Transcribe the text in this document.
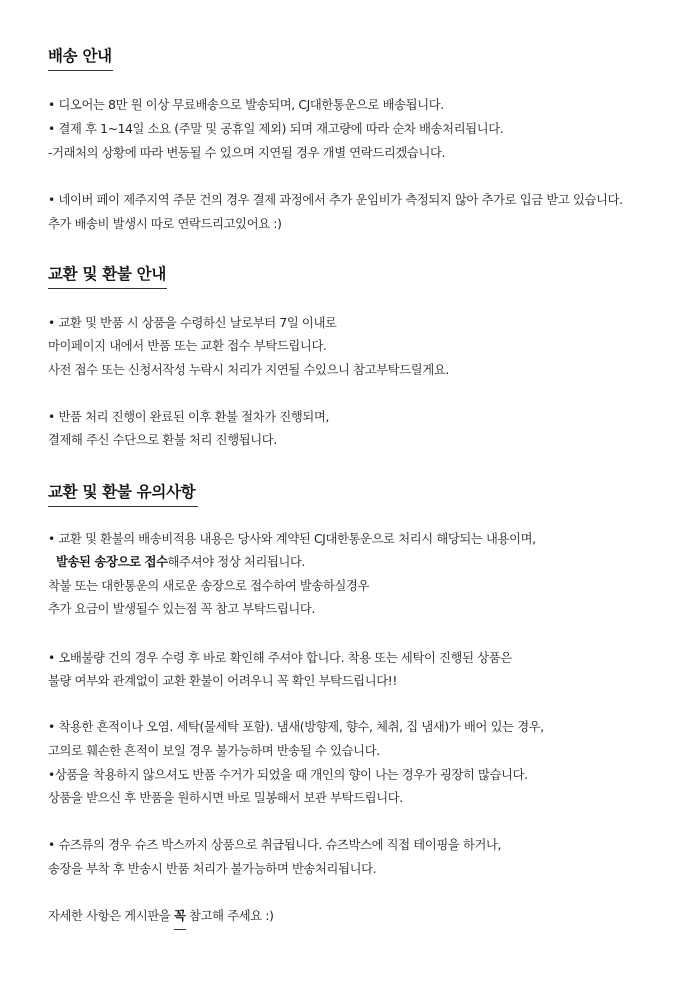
배송 안내
• 디오어는 8만 원 이상 무료배송으로 발송되며, CJ대한통운으로 배송됩니다.
• 결제 후 1~14일 소요 (주말 및 공휴일 제외) 되며 재고량에 따라 순차 배송처리됩니다.
-거래처의 상황에 따라 변동될 수 있으며 지연될 경우 개별 연락드리겠습니다.
• 네이버 페이 제주지역 주문 건의 경우 결제 과정에서 추가 운임비가 측정되지 않아 추가로 입금 받고 있습니다.
추가 배송비 발생시 따로 연락드리고있어요 :)
교환 및 환불 안내
• 교환 및 반품 시 상품을 수령하신 날로부터 7일 이내로
마이페이지 내에서 반품 또는 교환 접수 부탁드립니다.
사전 접수 또는 신청서작성 누락시 처리가 지연될 수있으니 참고부탁드릴게요.
• 반품 처리 진행이 완료된 이후 환불 절차가 진행되며,
결제해 주신 수단으로 환불 처리 진행됩니다.
교환 및 환불 유의사항
• 교환 및 환불의 배송비적용 내용은 당사와 계약된 CJ대한통운으로 처리시 해당되는 내용이며,
발송된 송장으로 접수해주셔야 정상 처리됩니다.
착불 또는 대한통운의 새로운 송장으로 접수하여 발송하실경우
추가 요금이 발생될수 있는점 꼭 참고 부탁드립니다.
• 오배불량 건의 경우 수령 후 바로 확인해 주셔야 합니다. 착용 또는 세탁이 진행된 상품은
불량 여부와 관계없이 교환 환불이 어려우니 꼭 확인 부탁드립니다!!
• 착용한 흔적이나 오염. 세탁(물세탁 포함). 냄새(방향제, 향수, 체취, 집 냄새)가 배어 있는 경우,
고의로 훼손한 흔적이 보일 경우 불가능하며 반송될 수 있습니다.
•상품을 착용하지 않으셔도 반품 수거가 되었을 때 개인의 향이 나는 경우가 굉장히 많습니다.
상품을 받으신 후 반품을 원하시면 바로 밀봉해서 보관 부탁드립니다.
• 슈즈류의 경우 슈즈 박스까지 상품으로 취급됩니다. 슈즈박스에 직접 테이핑을 하거나,
송장을 부착 후 반송시 반품 처리가 불가능하며 반송처리됩니다.
자세한 사항은 게시판을 꼭 참고해 주세요 :)
